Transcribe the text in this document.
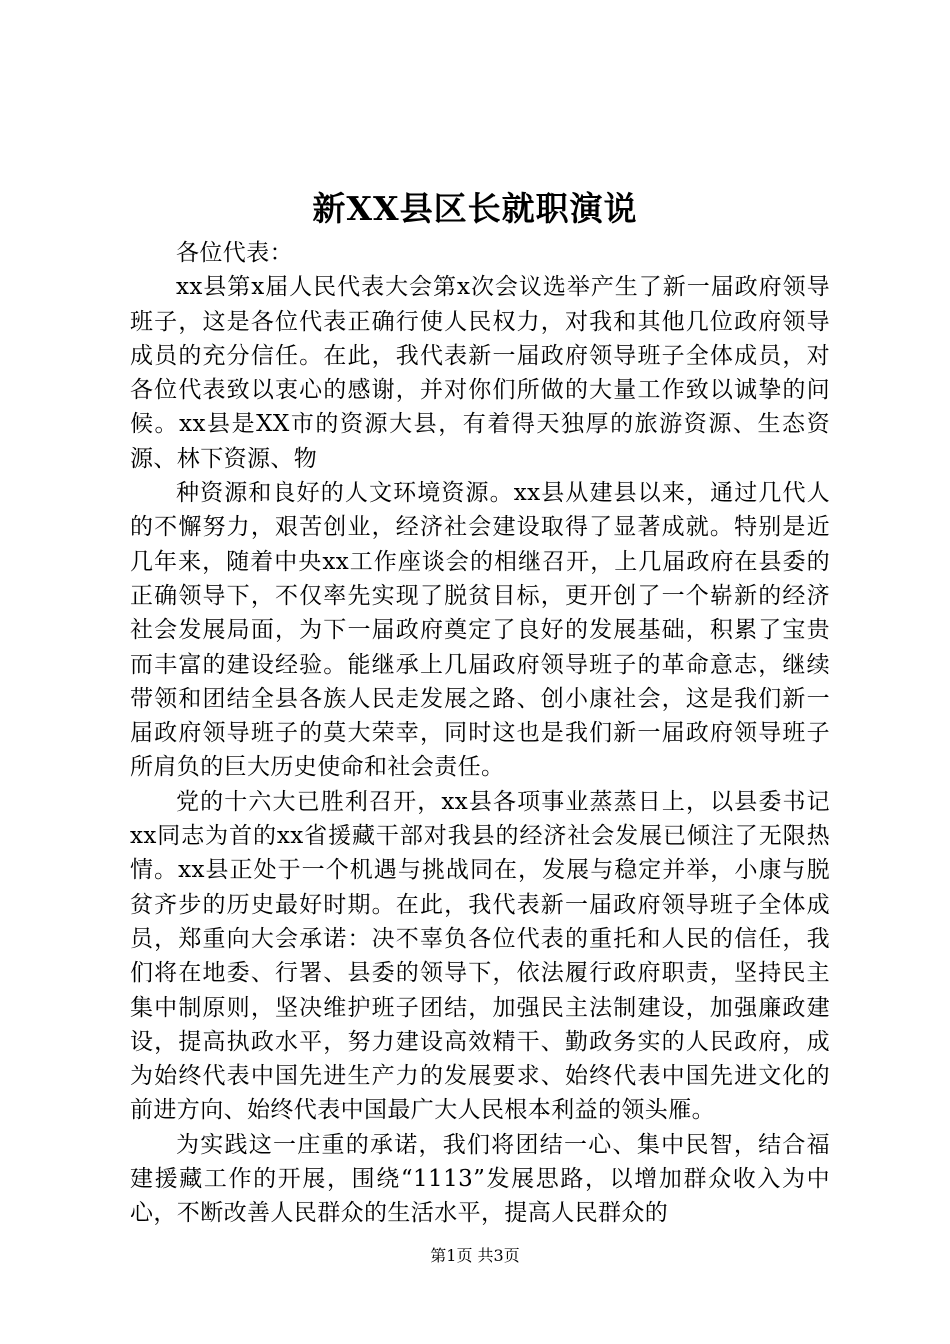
新XX县区长就职演说

各位代表：

xx县第x届人民代表大会第x次会议选举产生了新一届政府领导班子，这是各位代表正确行使人民权力，对我和其他几位政府领导成员的充分信任。在此，我代表新一届政府领导班子全体成员，对各位代表致以衷心的感谢，并对你们所做的大量工作致以诚挚的问候。xx县是XX市的资源大县，有着得天独厚的旅游资源、生态资源、林下资源、物

种资源和良好的人文环境资源。xx县从建县以来，通过几代人的不懈努力，艰苦创业，经济社会建设取得了显著成就。特别是近几年来，随着中央xx工作座谈会的相继召开，上几届政府在县委的正确领导下，不仅率先实现了脱贫目标，更开创了一个崭新的经济社会发展局面，为下一届政府奠定了良好的发展基础，积累了宝贵而丰富的建设经验。能继承上几届政府领导班子的革命意志，继续带领和团结全县各族人民走发展之路、创小康社会，这是我们新一届政府领导班子的莫大荣幸，同时这也是我们新一届政府领导班子所肩负的巨大历史使命和社会责任。

党的十六大已胜利召开，xx县各项事业蒸蒸日上，以县委书记xx同志为首的xx省援藏干部对我县的经济社会发展已倾注了无限热情。xx县正处于一个机遇与挑战同在，发展与稳定并举，小康与脱贫齐步的历史最好时期。在此，我代表新一届政府领导班子全体成员，郑重向大会承诺：决不辜负各位代表的重托和人民的信任，我们将在地委、行署、县委的领导下，依法履行政府职责，坚持民主集中制原则，坚决维护班子团结，加强民主法制建设，加强廉政建设，提高执政水平，努力建设高效精干、勤政务实的人民政府，成为始终代表中国先进生产力的发展要求、始终代表中国先进文化的前进方向、始终代表中国最广大人民根本利益的领头雁。

为实践这一庄重的承诺，我们将团结一心、集中民智，结合福建援藏工作的开展，围绕“1113”发展思路，以增加群众收入为中心，不断改善人民群众的生活水平，提高人民群众的

第1页 共3页
